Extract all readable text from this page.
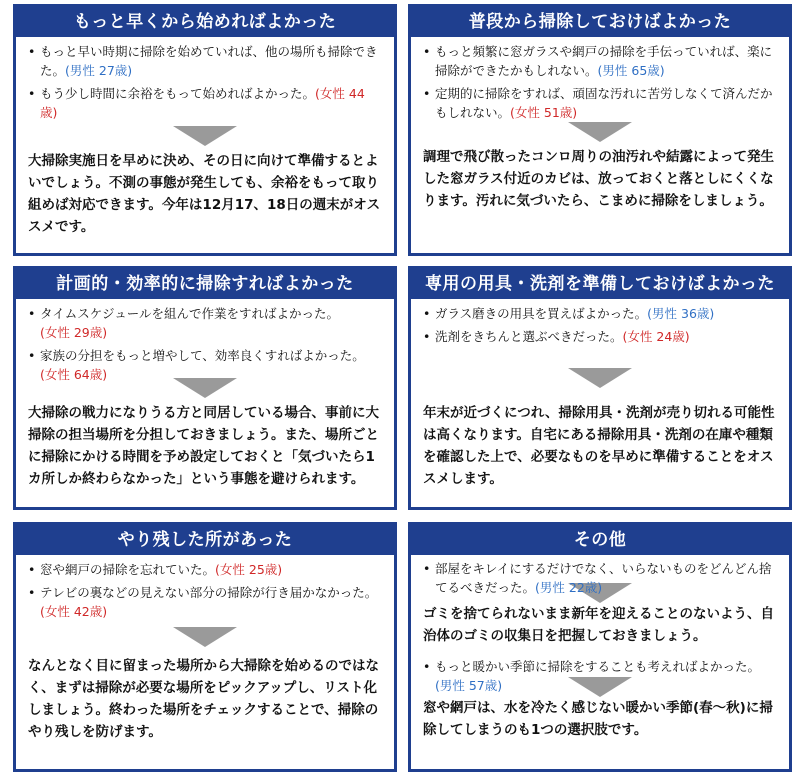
もっと早くから始めればよかった
• もっと早い時期に掃除を始めていれば、他の場所も掃除できた。(男性 27歳)
• もう少し時間に余裕をもって始めればよかった。(女性 44歳)

大掃除実施日を早めに決め、その日に向けて準備するとよいでしょう。不測の事態が発生しても、余裕をもって取り組めば対応できます。今年は12月17、18日の週末がオススメです。

普段から掃除しておけばよかった
• もっと頻繁に窓ガラスや網戸の掃除を手伝っていれば、楽に掃除ができたかもしれない。(男性 65歳)
• 定期的に掃除をすれば、頑固な汚れに苦労しなくて済んだかもしれない。(女性 51歳)

調理で飛び散ったコンロ周りの油汚れや結露によって発生した窓ガラス付近のカビは、放っておくと落としにくくなります。汚れに気づいたら、こまめに掃除をしましょう。

計画的・効率的に掃除すればよかった
• タイムスケジュールを組んで作業をすればよかった。
(女性 29歳)
• 家族の分担をもっと増やして、効率良くすればよかった。
(女性 64歳)

大掃除の戦力になりうる方と同居している場合、事前に大掃除の担当場所を分担しておきましょう。また、場所ごとに掃除にかける時間を予め設定しておくと「気づいたら1カ所しか終わらなかった」という事態を避けられます。

専用の用具・洗剤を準備しておけばよかった
• ガラス磨きの用具を買えばよかった。(男性 36歳)
• 洗剤をきちんと選ぶべきだった。(女性 24歳)

年末が近づくにつれ、掃除用具・洗剤が売り切れる可能性は高くなります。自宅にある掃除用具・洗剤の在庫や種類を確認した上で、必要なものを早めに準備することをオススメします。

やり残した所があった
• 窓や網戸の掃除を忘れていた。(女性 25歳)
• テレビの裏などの見えない部分の掃除が行き届かなかった。
(女性 42歳)

なんとなく目に留まった場所から大掃除を始めるのではなく、まずは掃除が必要な場所をピックアップし、リスト化しましょう。終わった場所をチェックすることで、掃除のやり残しを防げます。

その他
• 部屋をキレイにするだけでなく、いらないものをどんどん捨てるべきだった。(男性 22歳)

ゴミを捨てられないまま新年を迎えることのないよう、自治体のゴミの収集日を把握しておきましょう。

• もっと暖かい季節に掃除をすることも考えればよかった。
(男性 57歳)

窓や網戸は、水を冷たく感じない暖かい季節(春～秋)に掃除してしまうのも1つの選択肢です。
